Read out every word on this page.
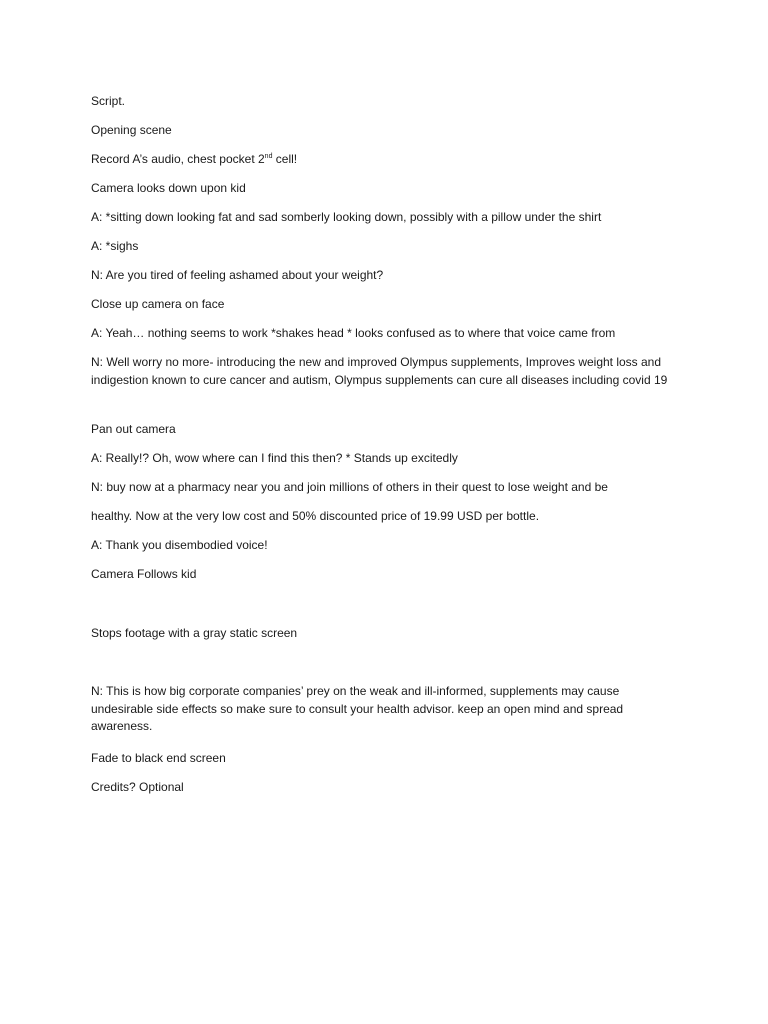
Script.

Opening scene

Record A’s audio, chest pocket 2nd cell!

Camera looks down upon kid

A: *sitting down looking fat and sad somberly looking down, possibly with a pillow under the shirt

A: *sighs

N: Are you tired of feeling ashamed about your weight?

Close up camera on face

A: Yeah… nothing seems to work *shakes head * looks confused as to where that voice came from

N: Well worry no more- introducing the new and improved Olympus supplements, Improves weight loss and indigestion known to cure cancer and autism, Olympus supplements can cure all diseases including covid 19

Pan out camera

A: Really!? Oh, wow where can I find this then? * Stands up excitedly

N: buy now at a pharmacy near you and join millions of others in their quest to lose weight and be

healthy. Now at the very low cost and 50% discounted price of 19.99 USD per bottle.

A: Thank you disembodied voice!

Camera Follows kid

Stops footage with a gray static screen

N: This is how big corporate companies’ prey on the weak and ill-informed, supplements may cause undesirable side effects so make sure to consult your health advisor. keep an open mind and spread awareness.

Fade to black end screen

Credits? Optional
